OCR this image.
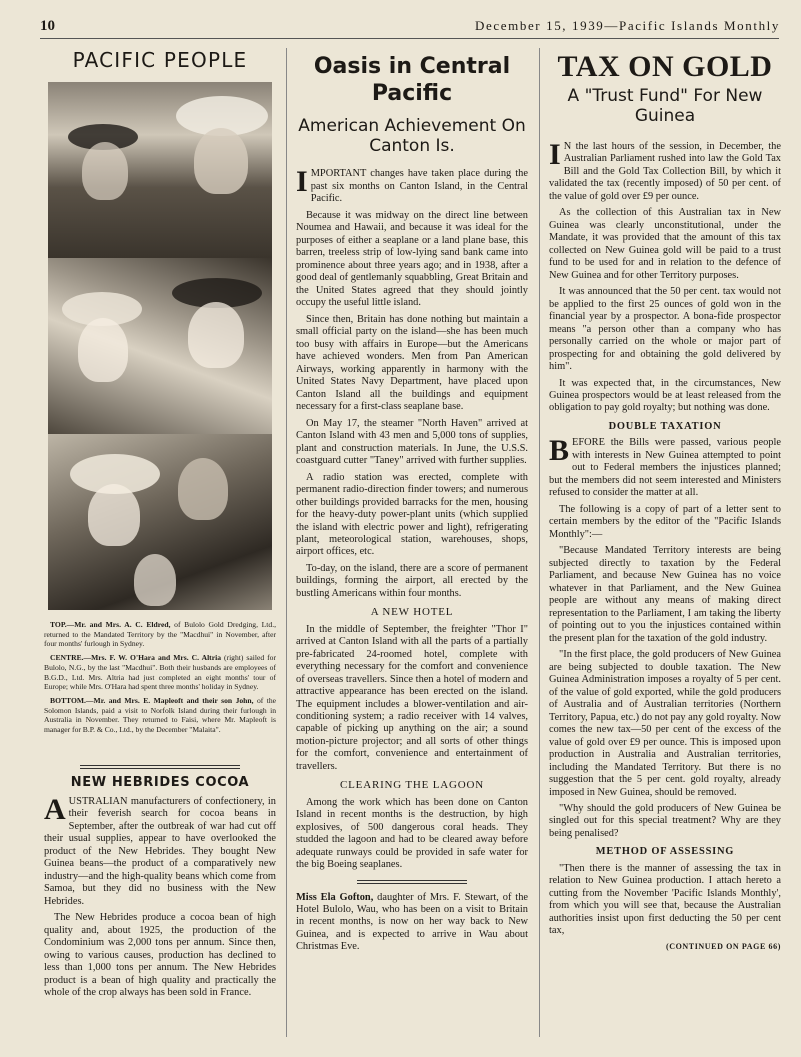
10	December 15, 1939—Pacific Islands Monthly
PACIFIC PEOPLE

TOP.—Mr. and Mrs. A. C. Eldred, of Bulolo Gold Dredging, Ltd., returned to the Mandated Territory by the "Macdhui" in November, after four months' furlough in Sydney.

CENTRE.—Mrs. F. W. O'Hara and Mrs. C. Altria (right) sailed for Bulolo, N.G., by the last "Macdhui". Both their husbands are employees of B.G.D., Ltd. Mrs. Altria had just completed an eight months' tour of Europe; while Mrs. O'Hara had spent three months' holiday in Sydney.

BOTTOM.—Mr. and Mrs. E. Mapleoft and their son John, of the Solomon Islands, paid a visit to Norfolk Island during their furlough in Australia in November. They returned to Faisi, where Mr. Mapleoft is manager for B.P. & Co., Ltd., by the December "Malaita".

NEW HEBRIDES COCOA

AUSTRALIAN manufacturers of confectionery, in their feverish search for cocoa beans in September, after the outbreak of war had cut off their usual supplies, appear to have overlooked the product of the New Hebrides. They bought New Guinea beans—the product of a comparatively new industry—and the high-quality beans which come from Samoa, but they did no business with the New Hebrides.

The New Hebrides produce a cocoa bean of high quality and, about 1925, the production of the Condominium was 2,000 tons per annum. Since then, owing to various causes, production has declined to less than 1,000 tons per annum. The New Hebrides product is a bean of high quality and practically the whole of the crop always has been sold in France.

Oasis in Central Pacific
American Achievement On Canton Is.

IMPORTANT changes have taken place during the past six months on Canton Island, in the Central Pacific.

Because it was midway on the direct line between Noumea and Hawaii, and because it was ideal for the purposes of either a seaplane or a land plane base, this barren, treeless strip of low-lying sand bank came into prominence about three years ago; and in 1938, after a good deal of gentlemanly squabbling, Great Britain and the United States agreed that they should jointly occupy the useful little island.

Since then, Britain has done nothing but maintain a small official party on the island—she has been much too busy with affairs in Europe—but the Americans have achieved wonders. Men from Pan American Airways, working apparently in harmony with the United States Navy Department, have placed upon Canton Island all the buildings and equipment necessary for a first-class seaplane base.

On May 17, the steamer "North Haven" arrived at Canton Island with 43 men and 5,000 tons of supplies, plant and construction materials. In June, the U.S.S. coastguard cutter "Taney" arrived with further supplies.

A radio station was erected, complete with permanent radio-direction finder towers; and numerous other buildings provided barracks for the men, housing for the heavy-duty power-plant units (which supplied the island with electric power and light), refrigerating plant, meteorological station, warehouses, shops, airport offices, etc.

To-day, on the island, there are a score of permanent buildings, forming the airport, all erected by the bustling Americans within four months.

A NEW HOTEL

In the middle of September, the freighter "Thor I" arrived at Canton Island with all the parts of a partially pre-fabricated 24-roomed hotel, complete with everything necessary for the comfort and convenience of overseas travellers. Since then a hotel of modern and attractive appearance has been erected on the island. The equipment includes a blower-ventilation and air-conditioning system; a radio receiver with 14 valves, capable of picking up anything on the air; a sound motion-picture projector; and all sorts of other things for the comfort, convenience and entertainment of travellers.

CLEARING THE LAGOON

Among the work which has been done on Canton Island in recent months is the destruction, by high explosives, of 500 dangerous coral heads. They studded the lagoon and had to be cleared away before adequate runways could be provided in safe water for the big Boeing seaplanes.

Miss Ela Gofton, daughter of Mrs. F. Stewart, of the Hotel Bulolo, Wau, who has been on a visit to Britain in recent months, is now on her way back to New Guinea, and is expected to arrive in Wau about Christmas Eve.
TAX ON GOLD
A "Trust Fund" For New Guinea

I N the last hours of the session, in December, the Australian Parliament rushed into law the Gold Tax Bill and the Gold Tax Collection Bill, by which it validated the tax (recently imposed) of 50 per cent. of the value of gold over £9 per ounce.

As the collection of this Australian tax in New Guinea was clearly unconstitutional, under the Mandate, it was provided that the amount of this tax collected on New Guinea gold will be paid to a trust fund to be used for and in relation to the defence of New Guinea and for other Territory purposes.

It was announced that the 50 per cent. tax would not be applied to the first 25 ounces of gold won in the financial year by a prospector. A bona-fide prospector means "a person other than a company who has personally carried on the whole or major part of prospecting for and obtaining the gold delivered by him".

It was expected that, in the circumstances, New Guinea prospectors would be at least released from the obligation to pay gold royalty; but nothing was done.

DOUBLE TAXATION

BEFORE the Bills were passed, various people with interests in New Guinea attempted to point out to Federal members the injustices planned; but the members did not seem interested and Ministers refused to consider the matter at all.

The following is a copy of part of a letter sent to certain members by the editor of the "Pacific Islands Monthly":—

"Because Mandated Territory interests are being subjected directly to taxation by the Federal Parliament, and because New Guinea has no voice whatever in that Parliament, and the New Guinea people are without any means of making direct representation to the Parliament, I am taking the liberty of pointing out to you the injustices contained within the present plan for the taxation of the gold industry.

"In the first place, the gold producers of New Guinea are being subjected to double taxation. The New Guinea Administration imposes a royalty of 5 per cent. of the value of gold exported, while the gold producers of Australia and of Australian territories (Northern Territory, Papua, etc.) do not pay any gold royalty. Now comes the new tax—50 per cent of the excess of the value of gold over £9 per ounce. This is imposed upon production in Australia and Australian territories, including the Mandated Territory. But there is no suggestion that the 5 per cent. gold royalty, already imposed in New Guinea, should be removed.

"Why should the gold producers of New Guinea be singled out for this special treatment? Why are they being penalised?

METHOD OF ASSESSING

"Then there is the manner of assessing the tax in relation to New Guinea production. I attach hereto a cutting from the November 'Pacific Islands Monthly', from which you will see that, because the Australian authorities insist upon first deducting the 50 per cent tax,

(CONTINUED ON PAGE 66)
